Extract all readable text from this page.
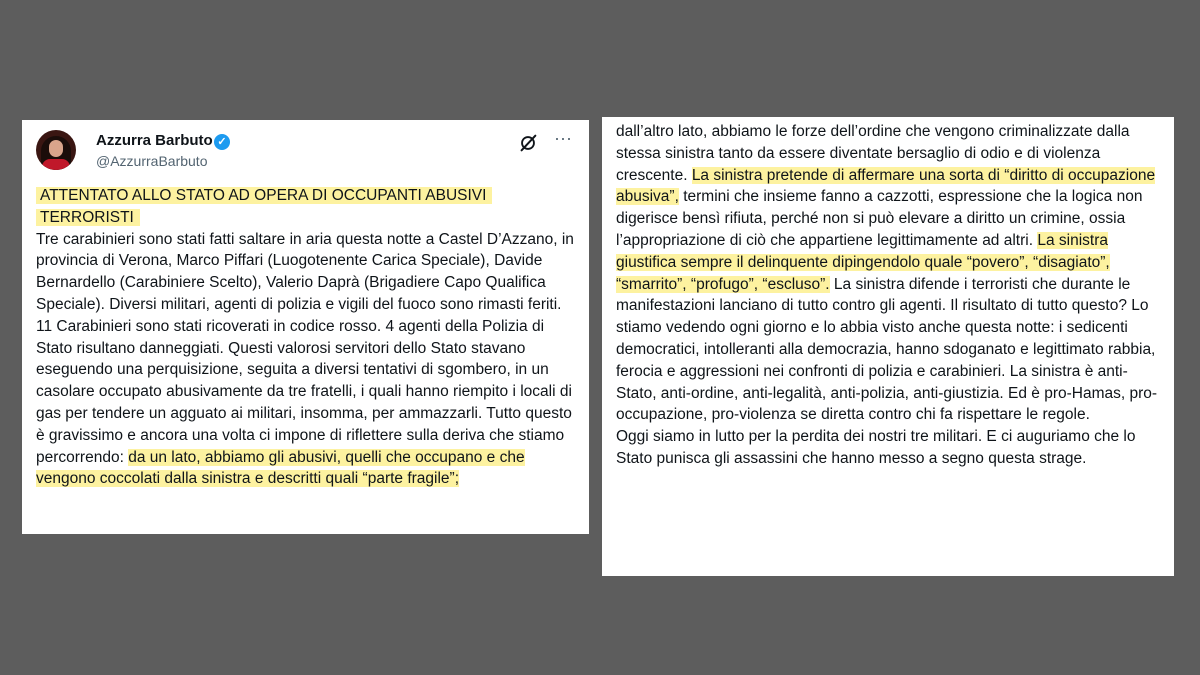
Azzurra Barbuto ✓
@AzzurraBarbuto
···
ATTENTATO ALLO STATO AD OPERA DI OCCUPANTI ABUSIVI
TERRORISTI
Tre carabinieri sono stati fatti saltare in aria questa notte a Castel D’Azzano, in provincia di Verona, Marco Piffari (Luogotenente Carica Speciale), Davide Bernardello (Carabiniere Scelto), Valerio Daprà (Brigadiere Capo Qualifica Speciale). Diversi militari, agenti di polizia e vigili del fuoco sono rimasti feriti. 11 Carabinieri sono stati ricoverati in codice rosso. 4 agenti della Polizia di Stato risultano danneggiati. Questi valorosi servitori dello Stato stavano eseguendo una perquisizione, seguita a diversi tentativi di sgombero, in un casolare occupato abusivamente da tre fratelli, i quali hanno riempito i locali di gas per tendere un agguato ai militari, insomma, per ammazzarli. Tutto questo è gravissimo e ancora una volta ci impone di riflettere sulla deriva che stiamo percorrendo: da un lato, abbiamo gli abusivi, quelli che occupano e che vengono coccolati dalla sinistra e descritti quali “parte fragile”;

dall’altro lato, abbiamo le forze dell’ordine che vengono criminalizzate dalla stessa sinistra tanto da essere diventate bersaglio di odio e di violenza crescente. La sinistra pretende di affermare una sorta di “diritto di occupazione abusiva”, termini che insieme fanno a cazzotti, espressione che la logica non digerisce bensì rifiuta, perché non si può elevare a diritto un crimine, ossia l’appropriazione di ciò che appartiene legittimamente ad altri. La sinistra giustifica sempre il delinquente dipingendolo quale “povero”, “disagiato”, “smarrito”, “profugo”, “escluso”. La sinistra difende i terroristi che durante le manifestazioni lanciano di tutto contro gli agenti. Il risultato di tutto questo? Lo stiamo vedendo ogni giorno e lo abbia visto anche questa notte: i sedicenti democratici, intolleranti alla democrazia, hanno sdoganato e legittimato rabbia, ferocia e aggressioni nei confronti di polizia e carabinieri. La sinistra è anti-Stato, anti-ordine, anti-legalità, anti-polizia, anti-giustizia. Ed è pro-Hamas, pro-occupazione, pro-violenza se diretta contro chi fa rispettare le regole.

Oggi siamo in lutto per la perdita dei nostri tre militari. E ci auguriamo che lo Stato punisca gli assassini che hanno messo a segno questa strage.
